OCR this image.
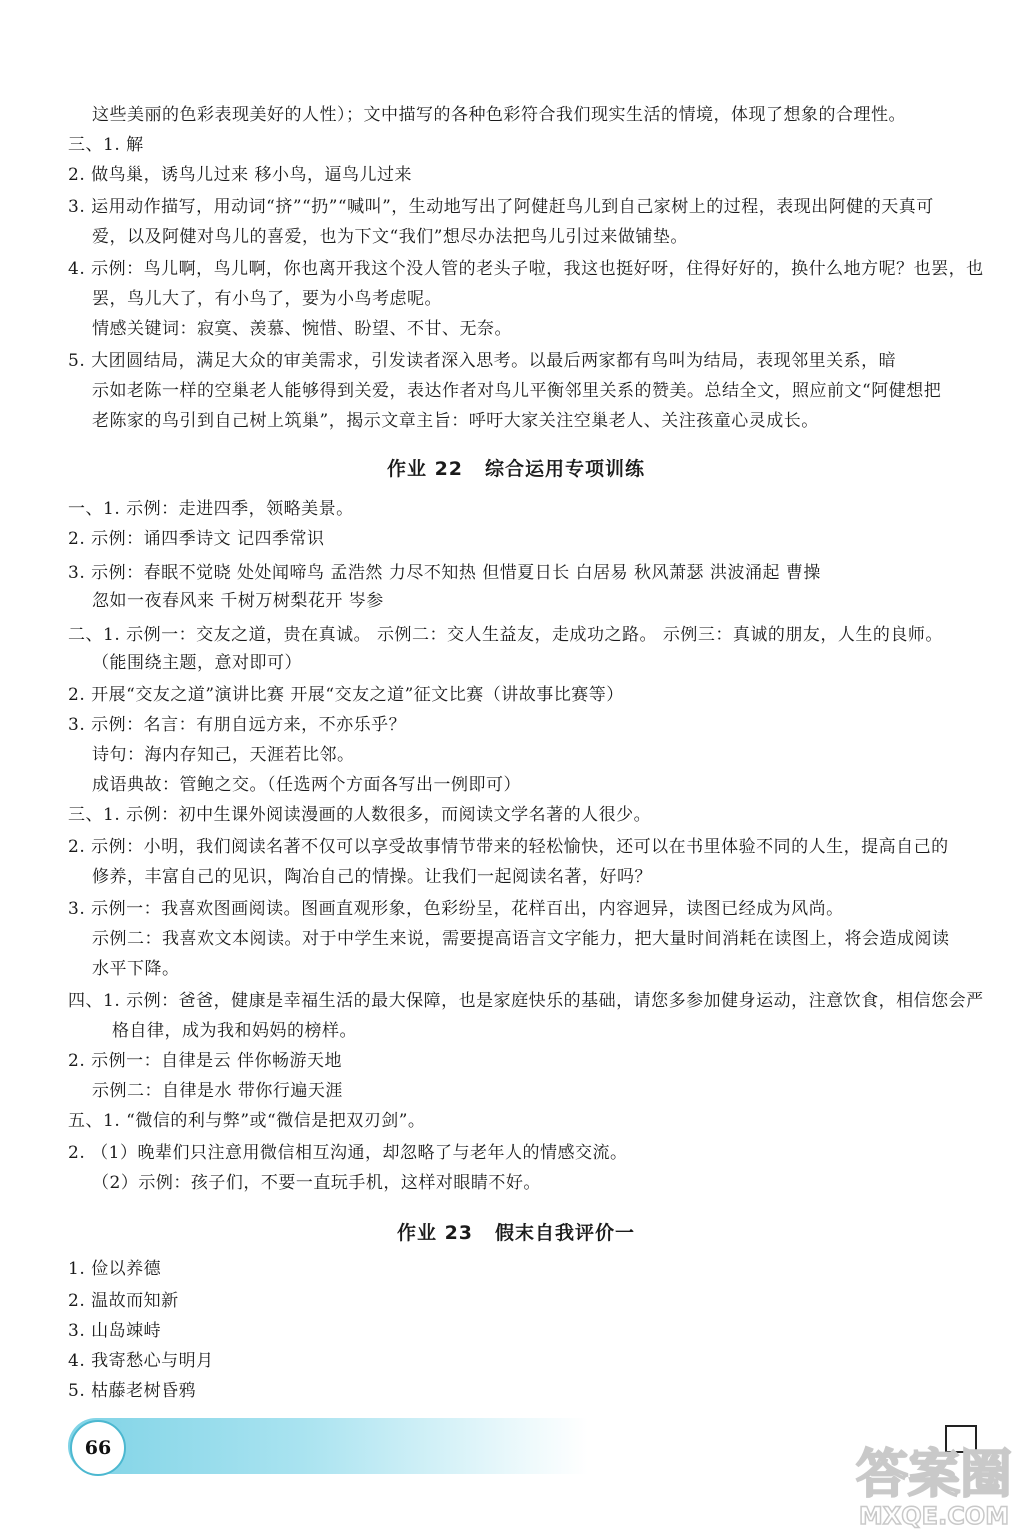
这些美丽的色彩表现美好的人性）；文中描写的各种色彩符合我们现实生活的情境，体现了想象的合理性。
三、1. 解
2. 做鸟巢，诱鸟儿过来 移小鸟，逼鸟儿过来
3. 运用动作描写，用动词“挤”“扔”“喊叫”，生动地写出了阿健赶鸟儿到自己家树上的过程，表现出阿健的天真可
爱，以及阿健对鸟儿的喜爱，也为下文“我们”想尽办法把鸟儿引过来做铺垫。
4. 示例：鸟儿啊，鸟儿啊，你也离开我这个没人管的老头子啦，我这也挺好呀，住得好好的，换什么地方呢？也罢，也
罢，鸟儿大了，有小鸟了，要为小鸟考虑呢。
情感关键词：寂寞、羡慕、惋惜、盼望、不甘、无奈。
5. 大团圆结局，满足大众的审美需求，引发读者深入思考。以最后两家都有鸟叫为结局，表现邻里关系，暗
示如老陈一样的空巢老人能够得到关爱，表达作者对鸟儿平衡邻里关系的赞美。总结全文，照应前文“阿健想把
老陈家的鸟引到自己树上筑巢”，揭示文章主旨：呼吁大家关注空巢老人、关注孩童心灵成长。
作业 22 综合运用专项训练
一、1. 示例：走进四季，领略美景。
2. 示例：诵四季诗文 记四季常识
3. 示例：春眠不觉晓 处处闻啼鸟 孟浩然 力尽不知热 但惜夏日长 白居易 秋风萧瑟 洪波涌起 曹操
忽如一夜春风来 千树万树梨花开 岑参
二、1. 示例一：交友之道，贵在真诚。 示例二：交人生益友，走成功之路。 示例三：真诚的朋友，人生的良师。
（能围绕主题，意对即可）
2. 开展“交友之道”演讲比赛 开展“交友之道”征文比赛（讲故事比赛等）
3. 示例：名言：有朋自远方来，不亦乐乎？
诗句：海内存知己，天涯若比邻。
成语典故：管鲍之交。（任选两个方面各写出一例即可）
三、1. 示例：初中生课外阅读漫画的人数很多，而阅读文学名著的人很少。
2. 示例：小明，我们阅读名著不仅可以享受故事情节带来的轻松愉快，还可以在书里体验不同的人生，提高自己的
修养，丰富自己的见识，陶冶自己的情操。让我们一起阅读名著，好吗？
3. 示例一：我喜欢图画阅读。图画直观形象，色彩纷呈，花样百出，内容迥异，读图已经成为风尚。
示例二：我喜欢文本阅读。对于中学生来说，需要提高语言文字能力，把大量时间消耗在读图上，将会造成阅读
水平下降。
四、1. 示例：爸爸，健康是幸福生活的最大保障，也是家庭快乐的基础，请您多参加健身运动，注意饮食，相信您会严
格自律，成为我和妈妈的榜样。
2. 示例一：自律是云 伴你畅游天地
示例二：自律是水 带你行遍天涯
五、1. “微信的利与弊”或“微信是把双刃剑”。
2. （1）晚辈们只注意用微信相互沟通，却忽略了与老年人的情感交流。
（2）示例：孩子们，不要一直玩手机，这样对眼睛不好。
作业 23 假末自我评价一
1. 俭以养德
2. 温故而知新
3. 山岛竦峙
4. 我寄愁心与明月
5. 枯藤老树昏鸦
66	答案圈
MXQE.COM
